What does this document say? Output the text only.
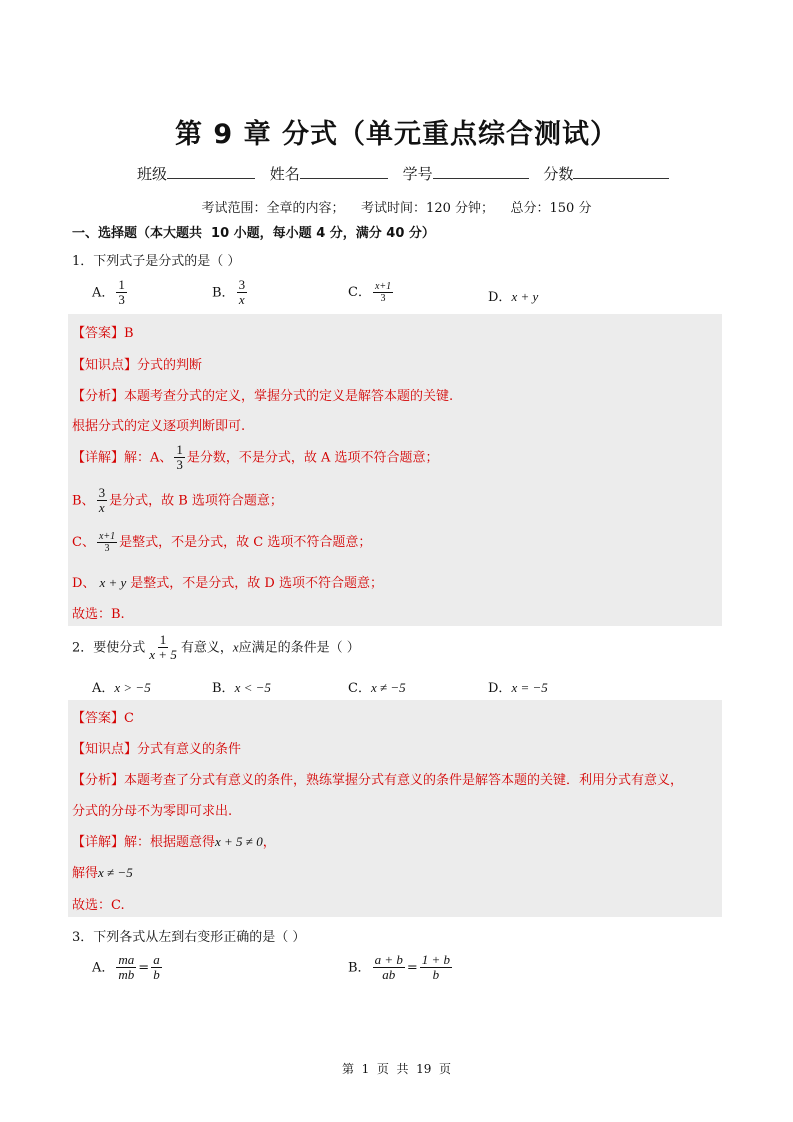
第 9 章 分式（单元重点综合测试）
班级	姓名	学号	分数
考试范围：全章的内容；    考试时间：120 分钟；    总分：150 分
一、选择题（本大题共  10 小题，每小题 4 分，满分 40 分）
1．下列式子是分式的是（ ）
A． $\frac{1}{3}$	B． $\frac{3}{x}$	C． $\frac{x+1}{3}$	D．x + y
【答案】B
【知识点】分式的判断
【分析】本题考查分式的定义，掌握分式的定义是解答本题的关键.
根据分式的定义逐项判断即可.
【详解】解：A、 $\frac{1}{3}$ 是分数，不是分式，故 A 选项不符合题意；
B、 $\frac{3}{x}$ 是分式，故 B 选项符合题意；
C、 $\frac{x+1}{3}$ 是整式，不是分式，故 C 选项不符合题意；
D、 x + y 是整式，不是分式，故 D 选项不符合题意；
故选：B.
2．要使分式 $\frac{1}{x + 5}$ 有意义，x应满足的条件是（ ）
A．x > −5	B．x < −5	C．x ≠ −5	D．x = −5
【答案】C
【知识点】分式有意义的条件
【分析】本题考查了分式有意义的条件，熟练掌握分式有意义的条件是解答本题的关键．利用分式有意义，
分式的分母不为零即可求出.
【详解】解：根据题意得x + 5 ≠ 0，
解得x ≠ −5
故选：C.
3．下列各式从左到右变形正确的是（ ）
A． $\frac{ma}{mb} = \frac{a}{b}$	B． $\frac{a + b}{ab} = \frac{1 + b}{b}$
第  1  页  共  19  页
